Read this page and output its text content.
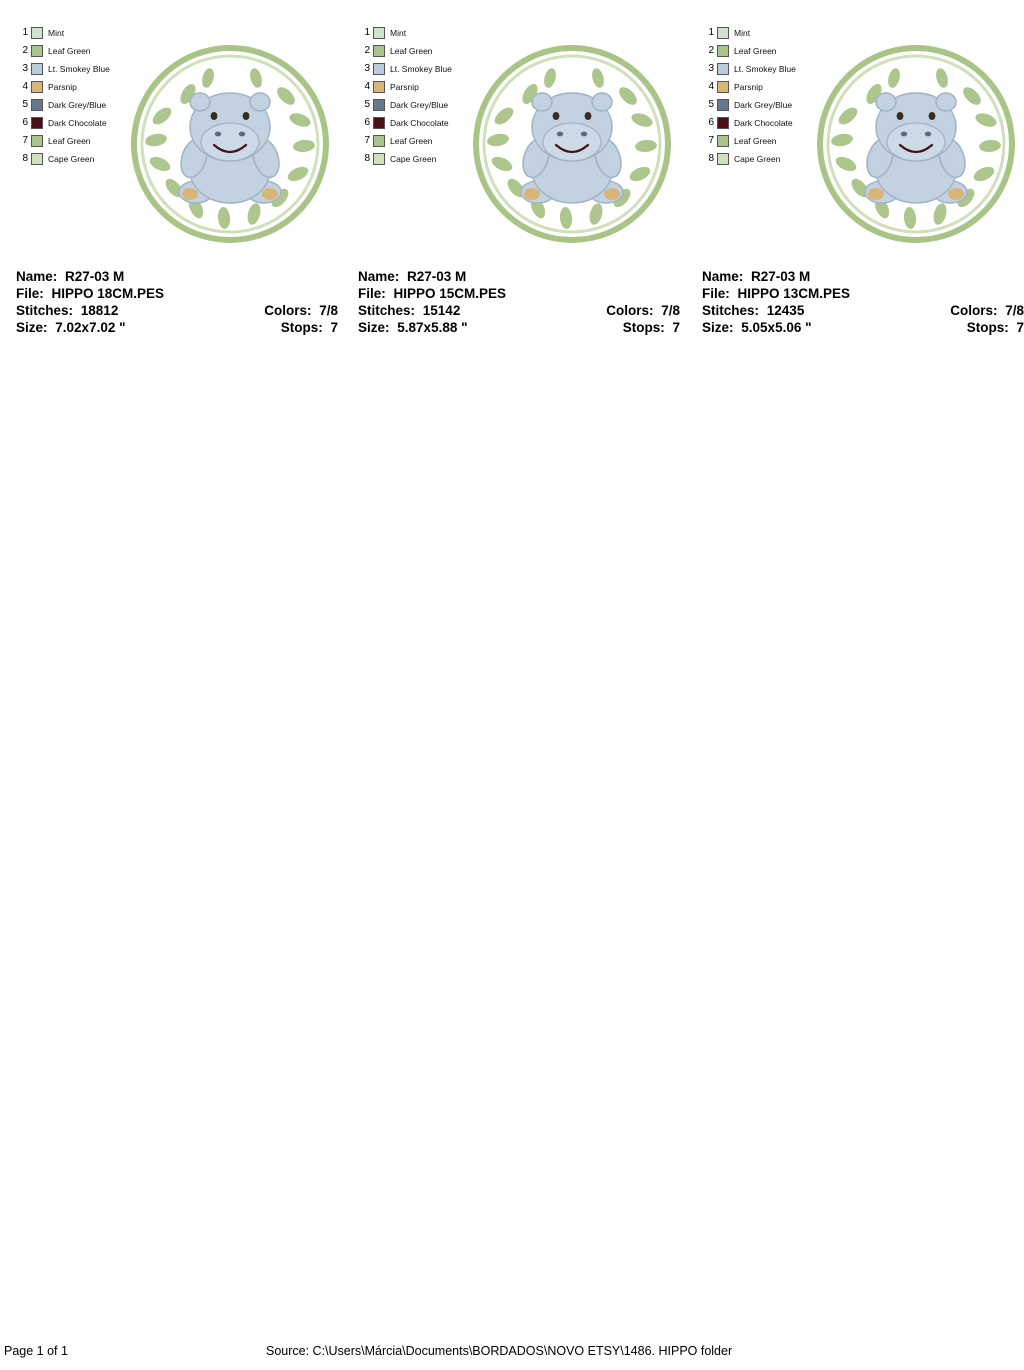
1	Mint
2	Leaf Green
3	Lt. Smokey Blue
4	Parsnip
5	Dark Grey/Blue
6	Dark Chocolate
7	Leaf Green
8	Cape Green
Name: R27-03 M
File: HIPPO 18CM.PES
Stitches: 18812	Colors: 7/8
Size: 7.02x7.02 "	Stops: 7
1	Mint
2	Leaf Green
3	Lt. Smokey Blue
4	Parsnip
5	Dark Grey/Blue
6	Dark Chocolate
7	Leaf Green
8	Cape Green
Name: R27-03 M
File: HIPPO 15CM.PES
Stitches: 15142	Colors: 7/8
Size: 5.87x5.88 "	Stops: 7
1	Mint
2	Leaf Green
3	Lt. Smokey Blue
4	Parsnip
5	Dark Grey/Blue
6	Dark Chocolate
7	Leaf Green
8	Cape Green
Name: R27-03 M
File: HIPPO 13CM.PES
Stitches: 12435	Colors: 7/8
Size: 5.05x5.06 "	Stops: 7
Page 1 of 1	Source: C:\Users\Márcia\Documents\BORDADOS\NOVO ETSY\1486. HIPPO folder
